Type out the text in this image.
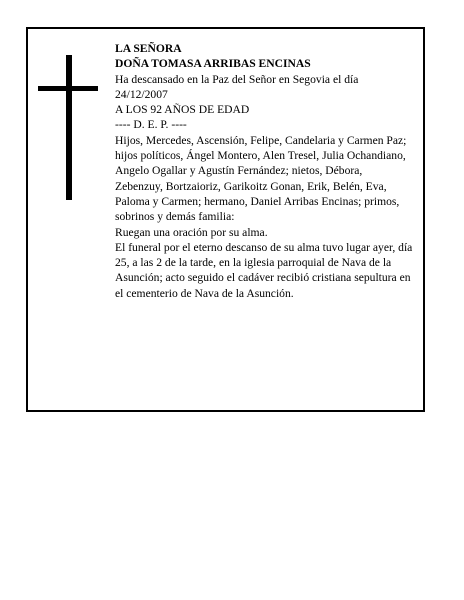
LA SEÑORA

DOÑA TOMASA ARRIBAS ENCINAS

Ha descansado en la Paz del Señor en Segovia el día 24/12/2007

A LOS 92 AÑOS DE EDAD

---- D. E. P. ----

Hijos, Mercedes, Ascensión, Felipe, Candelaria y Carmen Paz; hijos políticos, Ángel Montero, Alen Tresel, Julia Ochandiano, Angelo Ogallar y Agustín Fernández; nietos, Débora, Zebenzuy, Bortzaioriz, Garikoitz Gonan, Erik, Belén, Eva, Paloma y Carmen; hermano, Daniel Arribas Encinas; primos, sobrinos y demás familia:

Ruegan una oración por su alma.

El funeral por el eterno descanso de su alma tuvo lugar ayer, día 25, a las 2 de la tarde, en la iglesia parroquial de Nava de la Asunción; acto seguido el cadáver recibió cristiana sepultura en el cementerio de Nava de la Asunción.
